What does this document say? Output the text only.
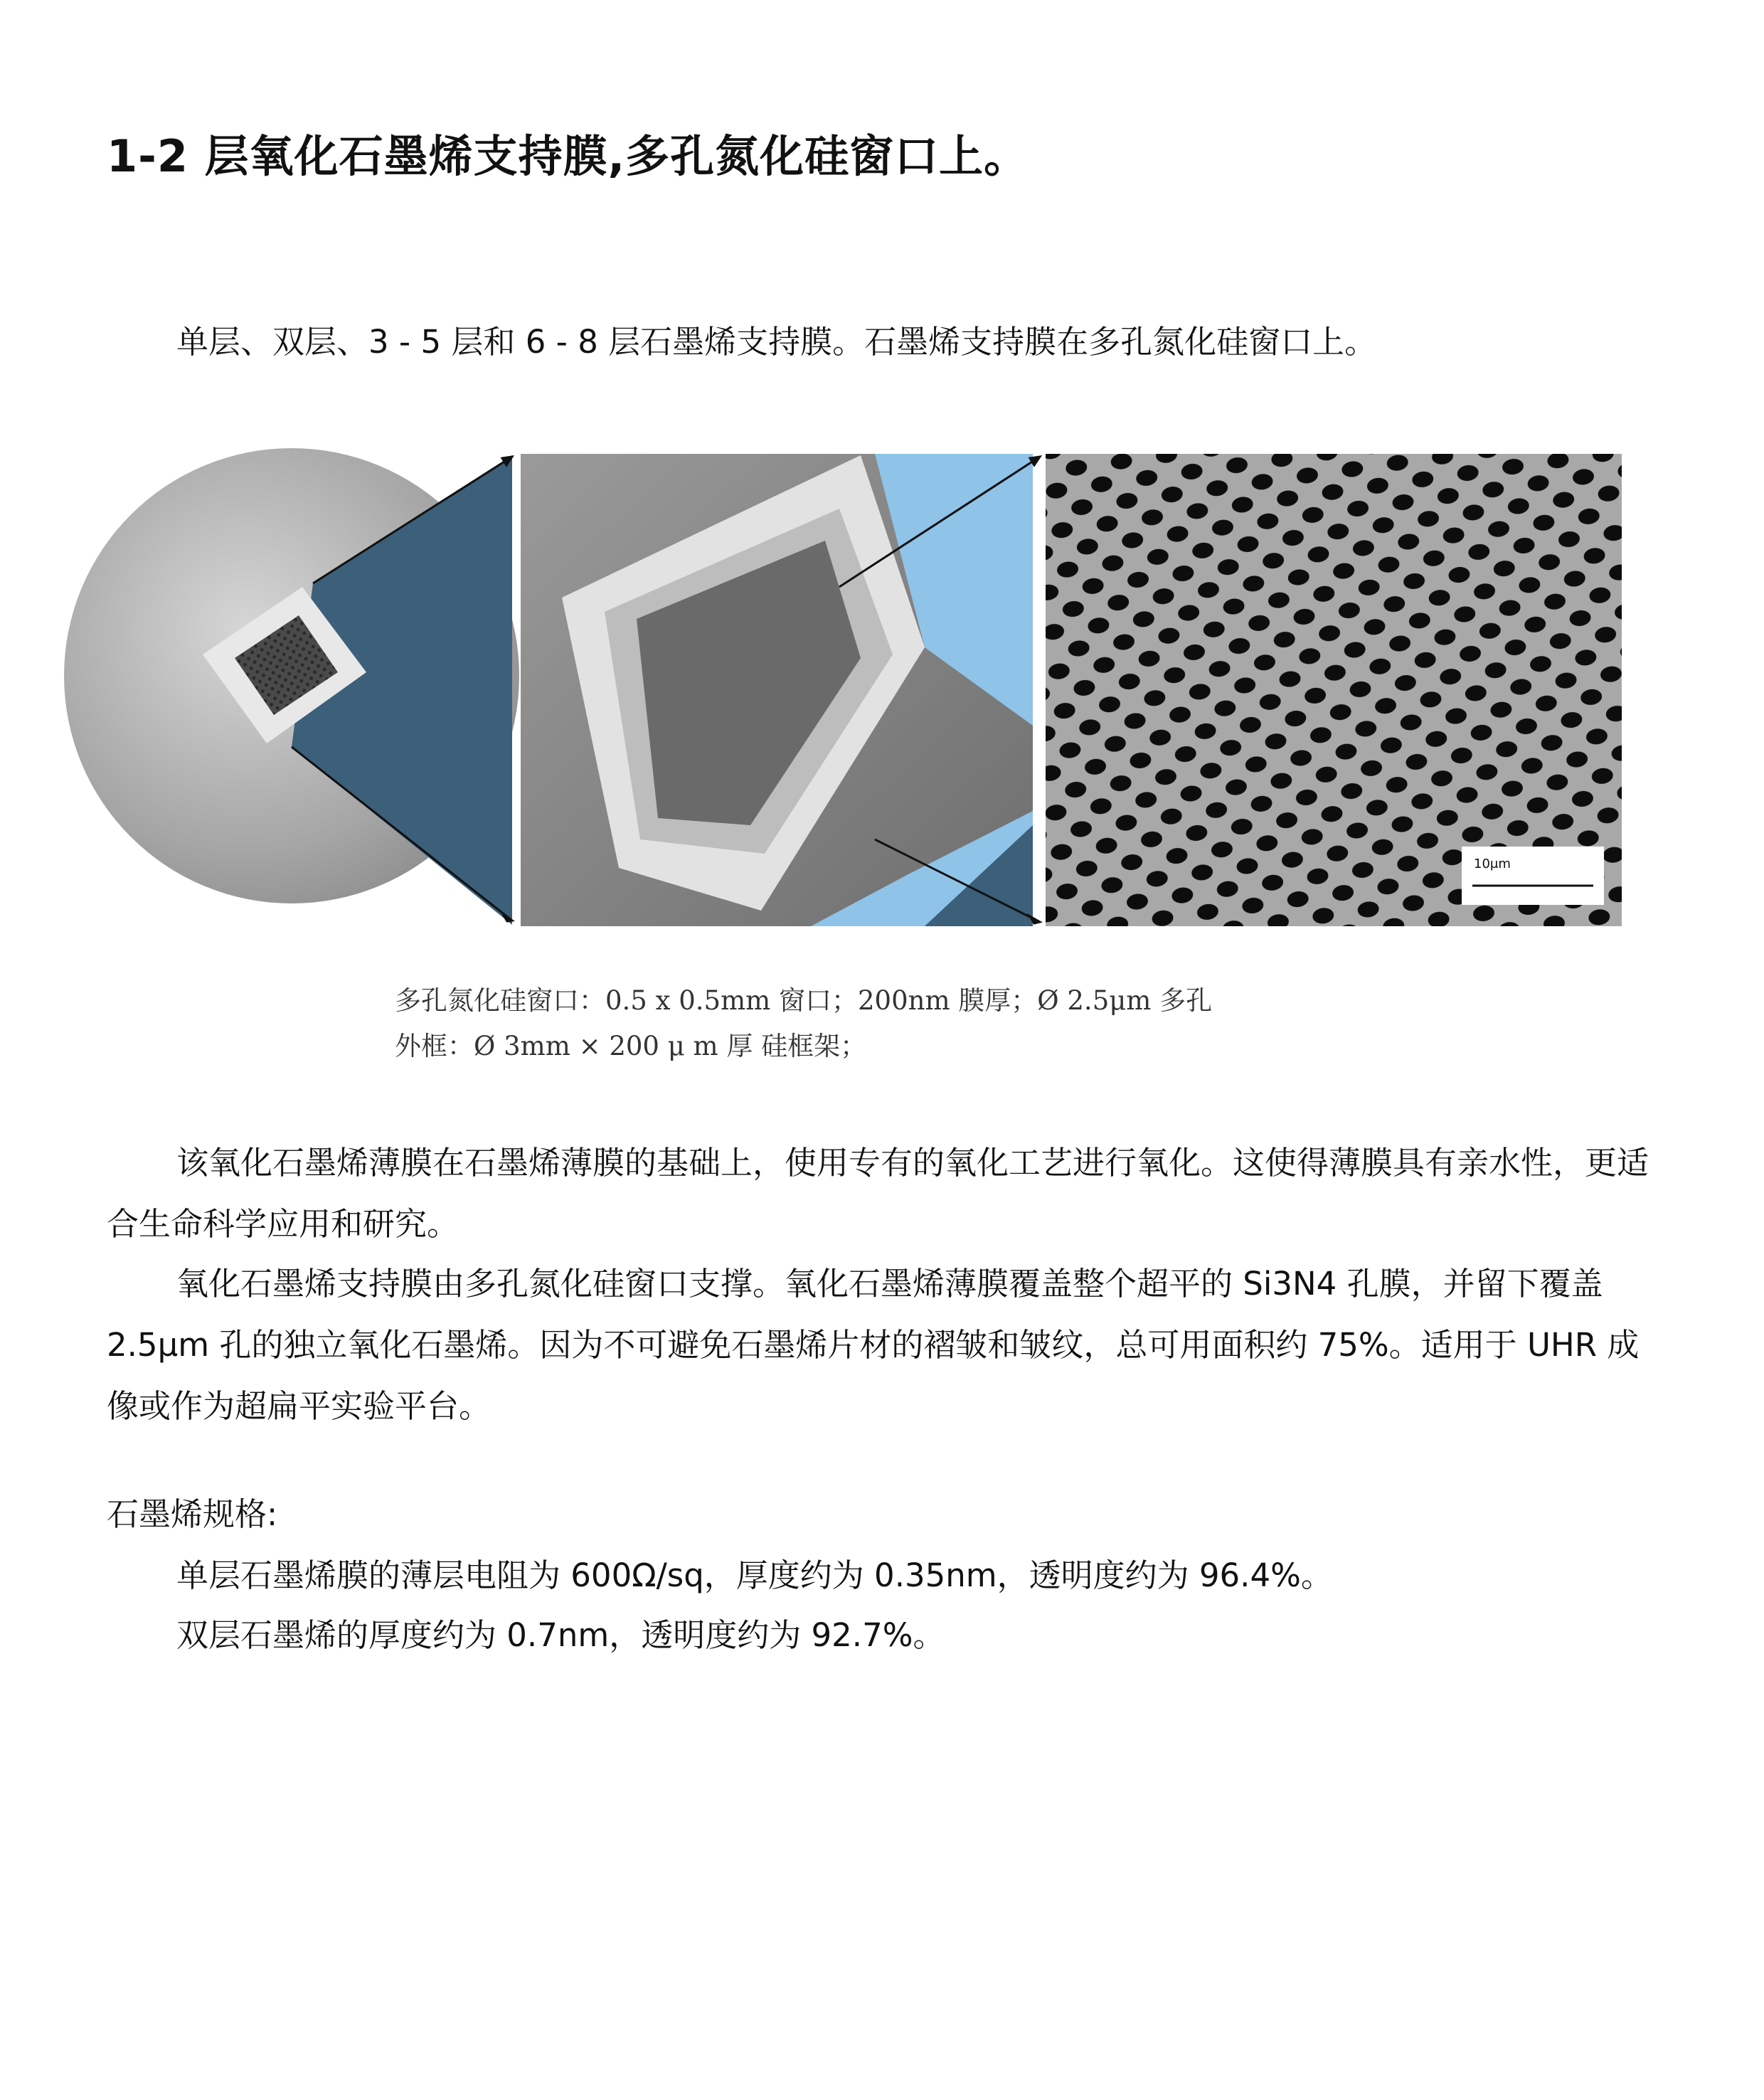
1-2 层氧化石墨烯支持膜,多孔氮化硅窗口上。
单层、双层、3 - 5 层和 6 - 8 层石墨烯支持膜。石墨烯支持膜在多孔氮化硅窗口上。
10μm
多孔氮化硅窗口：0.5 x 0.5mm 窗口；200nm 膜厚；Ø 2.5μm 多孔
外框：Ø 3mm × 200 μ m 厚 硅框架；

该氧化石墨烯薄膜在石墨烯薄膜的基础上，使用专有的氧化工艺进行氧化。这使得薄膜具有亲水性，更适合生命科学应用和研究。

氧化石墨烯支持膜由多孔氮化硅窗口支撑。氧化石墨烯薄膜覆盖整个超平的 Si3N4 孔膜，并留下覆盖 2.5μm 孔的独立氧化石墨烯。因为不可避免石墨烯片材的褶皱和皱纹，总可用面积约 75%。适用于 UHR 成像或作为超扁平实验平台。

石墨烯规格:
单层石墨烯膜的薄层电阻为 600Ω/sq，厚度约为 0.35nm，透明度约为 96.4%。
双层石墨烯的厚度约为 0.7nm，透明度约为 92.7%。
